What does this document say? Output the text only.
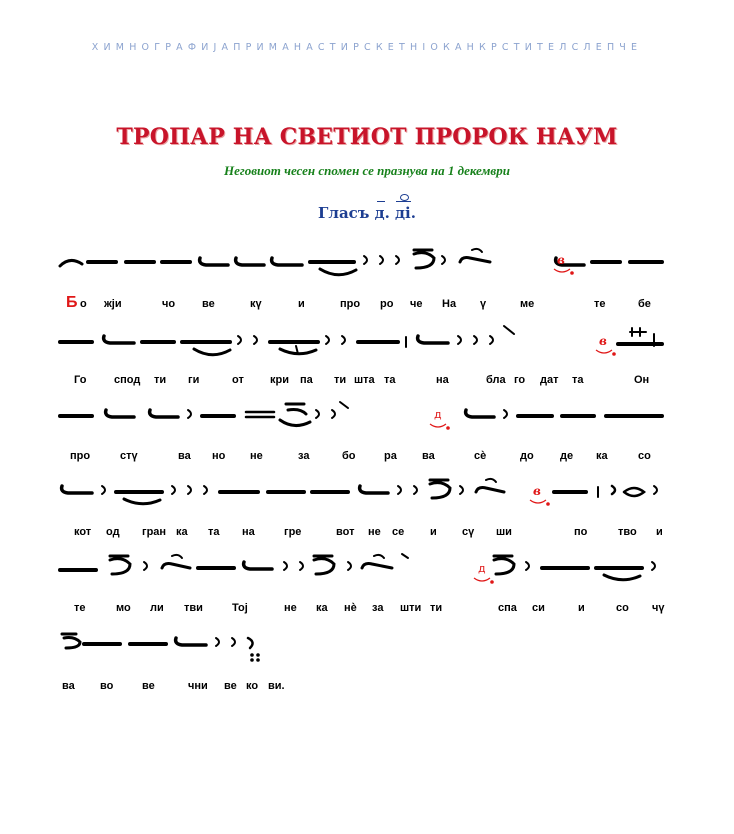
ХИМНОГРАФИЈАПРИМАНАСТИРСКЕТНІОКАНКРСТИТЕЛСЛЕПЧЕ
ТРОПАР НА СВЕТИОТ ПРОРОК НАУМ
Неговиот чесен спомен се празнува на 1 декември
Гласъ д. ді.
Б о жји	чо ве	кү	и	про ро че На ү	ме	те	бе
Го	спод ти ги	от кри па ти шта та	на	бла го дат та	Он
про	стү	ва но не	за	бо	ра ва	сѐ	до де ка	со
кот од гран ка та на	гре	вот не се и сү ши	по	тво и
те	мо ли тви	Тој	не ка нѐ за шти ти	спа си	и	со чү
ва во	ве	чни ве ко ви.
в
в
д
в
д
